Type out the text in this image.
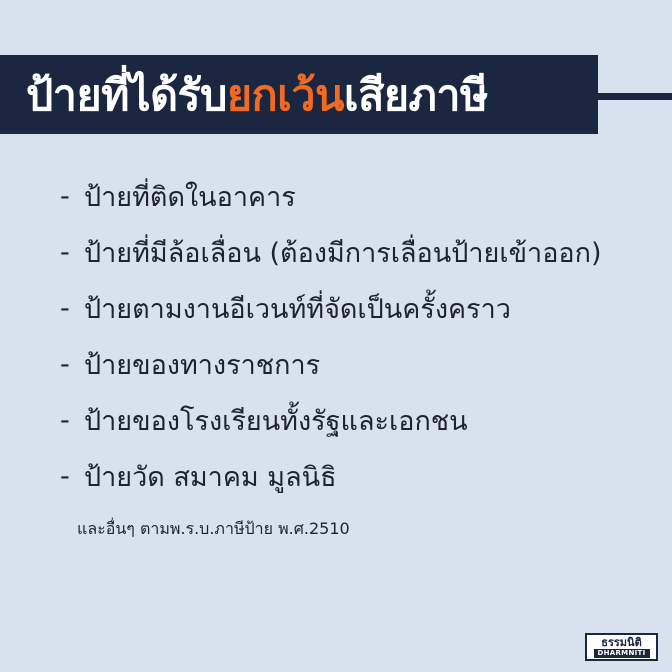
ป้ายที่ได้รับยกเว้นเสียภาษี
- ป้ายที่ติดในอาคาร
- ป้ายที่มีล้อเลื่อน (ต้องมีการเลื่อนป้ายเข้าออก)
- ป้ายตามงานอีเวนท์ที่จัดเป็นครั้งคราว
- ป้ายของทางราชการ
- ป้ายของโรงเรียนทั้งรัฐและเอกชน
- ป้ายวัด สมาคม มูลนิธิ
และอื่นๆ ตามพ.ร.บ.ภาษีป้าย พ.ศ.2510
ธรรมนิติ
DHARMNITI
